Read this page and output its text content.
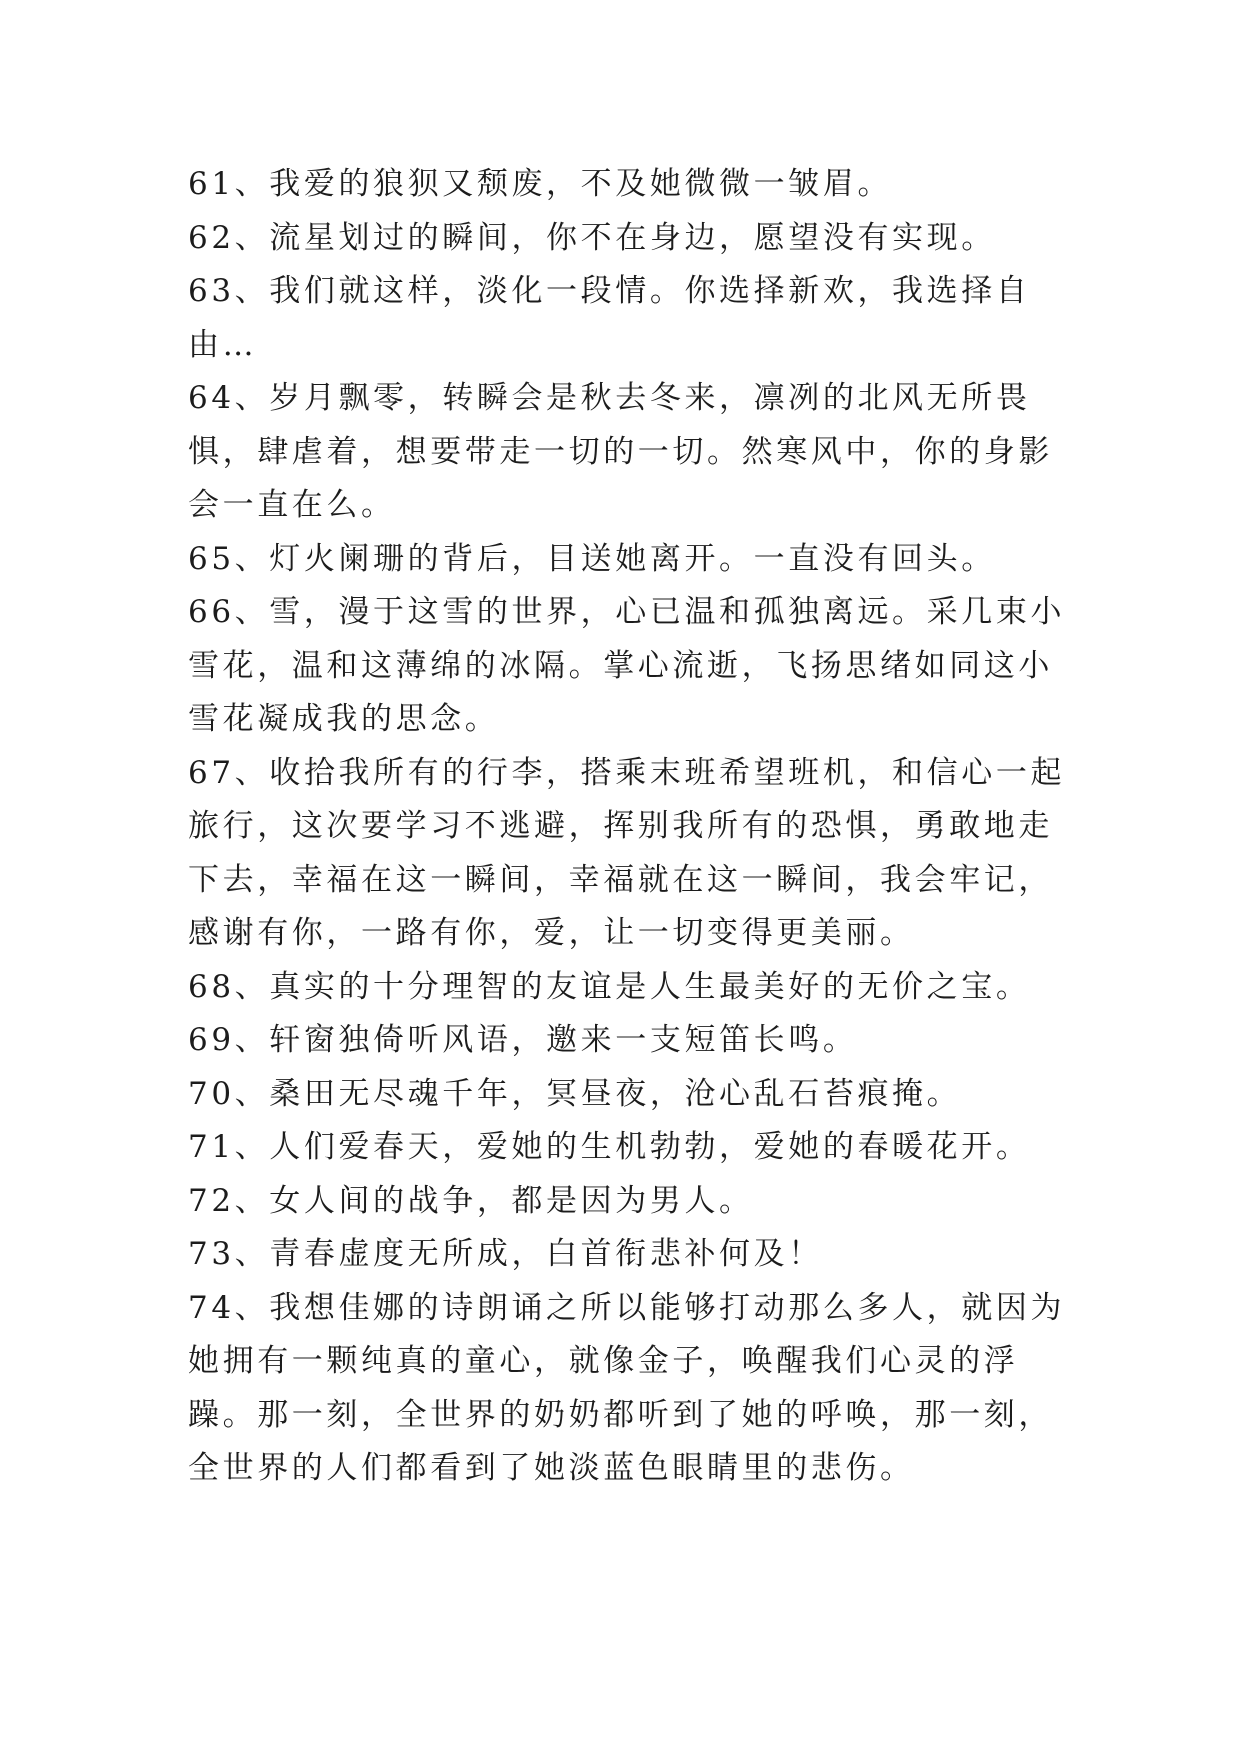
61、我爱的狼狈又颓废，不及她微微一皱眉。

62、流星划过的瞬间，你不在身边，愿望没有实现。

63、我们就这样，淡化一段情。你选择新欢，我选择自由…

64、岁月飘零，转瞬会是秋去冬来，凛冽的北风无所畏惧，肆虐着，想要带走一切的一切。然寒风中，你的身影会一直在么。

65、灯火阑珊的背后，目送她离开。一直没有回头。

66、雪，漫于这雪的世界，心已温和孤独离远。采几束小雪花，温和这薄绵的冰隔。掌心流逝，飞扬思绪如同这小雪花凝成我的思念。

67、收拾我所有的行李，搭乘末班希望班机，和信心一起旅行，这次要学习不逃避，挥别我所有的恐惧，勇敢地走下去，幸福在这一瞬间，幸福就在这一瞬间，我会牢记，感谢有你，一路有你，爱，让一切变得更美丽。

68、真实的十分理智的友谊是人生最美好的无价之宝。

69、轩窗独倚听风语，邀来一支短笛长鸣。

70、桑田无尽魂千年，冥昼夜，沧心乱石苔痕掩。

71、人们爱春天，爱她的生机勃勃，爱她的春暖花开。

72、女人间的战争，都是因为男人。

73、青春虚度无所成，白首衔悲补何及！

74、我想佳娜的诗朗诵之所以能够打动那么多人，就因为她拥有一颗纯真的童心，就像金子，唤醒我们心灵的浮躁。那一刻，全世界的奶奶都听到了她的呼唤，那一刻，全世界的人们都看到了她淡蓝色眼睛里的悲伤。
